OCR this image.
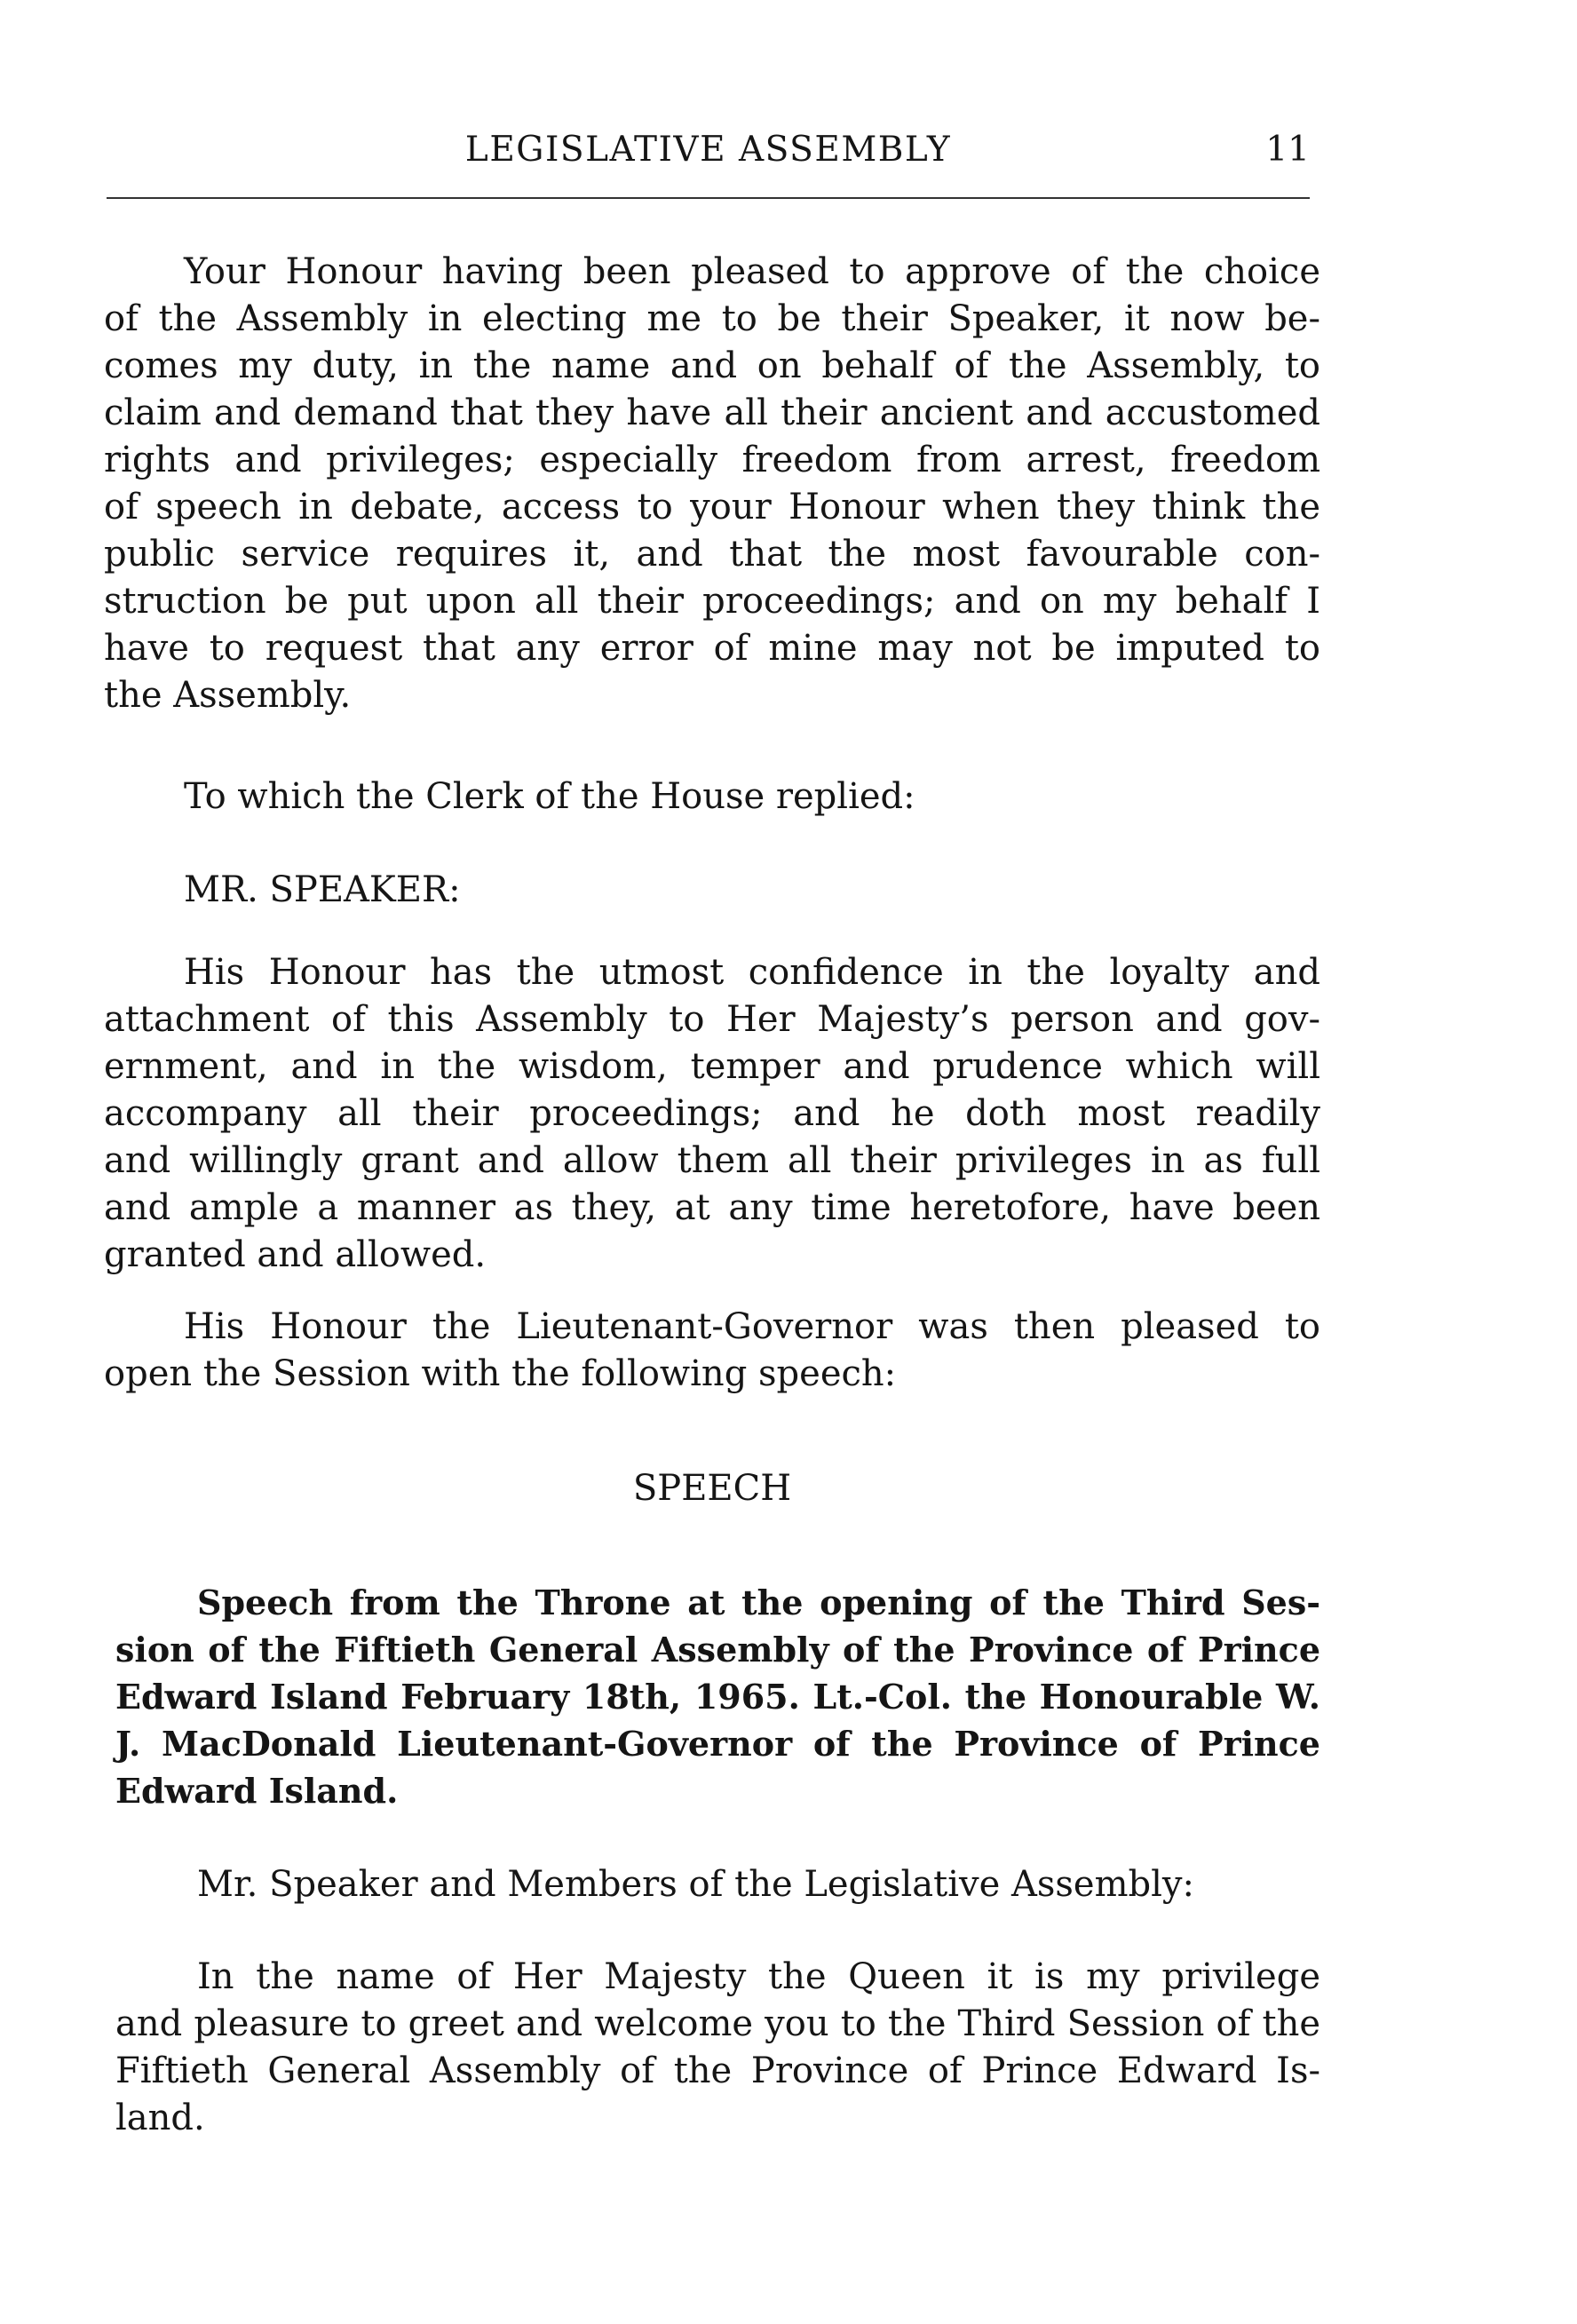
LEGISLATIVE ASSEMBLY	11
Your Honour having been pleased to approve of the choice
of the Assembly in electing me to be their Speaker, it now be-
comes my duty, in the name and on behalf of the Assembly, to
claim and demand that they have all their ancient and accustomed
rights and privileges; especially freedom from arrest, freedom
of speech in debate, access to your Honour when they think the
public service requires it, and that the most favourable con-
struction be put upon all their proceedings; and on my behalf I
have to request that any error of mine may not be imputed to
the Assembly.
To which the Clerk of the House replied:
MR. SPEAKER:
His Honour has the utmost confidence in the loyalty and
attachment of this Assembly to Her Majesty’s person and gov-
ernment, and in the wisdom, temper and prudence which will
accompany all their proceedings; and he doth most readily
and willingly grant and allow them all their privileges in as full
and ample a manner as they, at any time heretofore, have been
granted and allowed.
His Honour the Lieutenant-Governor was then pleased to
open the Session with the following speech:
SPEECH
Speech from the Throne at the opening of the Third Ses-
sion of the Fiftieth General Assembly of the Province of Prince
Edward Island February 18th, 1965. Lt.-Col. the Honourable W.
J. MacDonald Lieutenant-Governor of the Province of Prince
Edward Island.
Mr. Speaker and Members of the Legislative Assembly:
In the name of Her Majesty the Queen it is my privilege
and pleasure to greet and welcome you to the Third Session of the
Fiftieth General Assembly of the Province of Prince Edward Is-
land.
